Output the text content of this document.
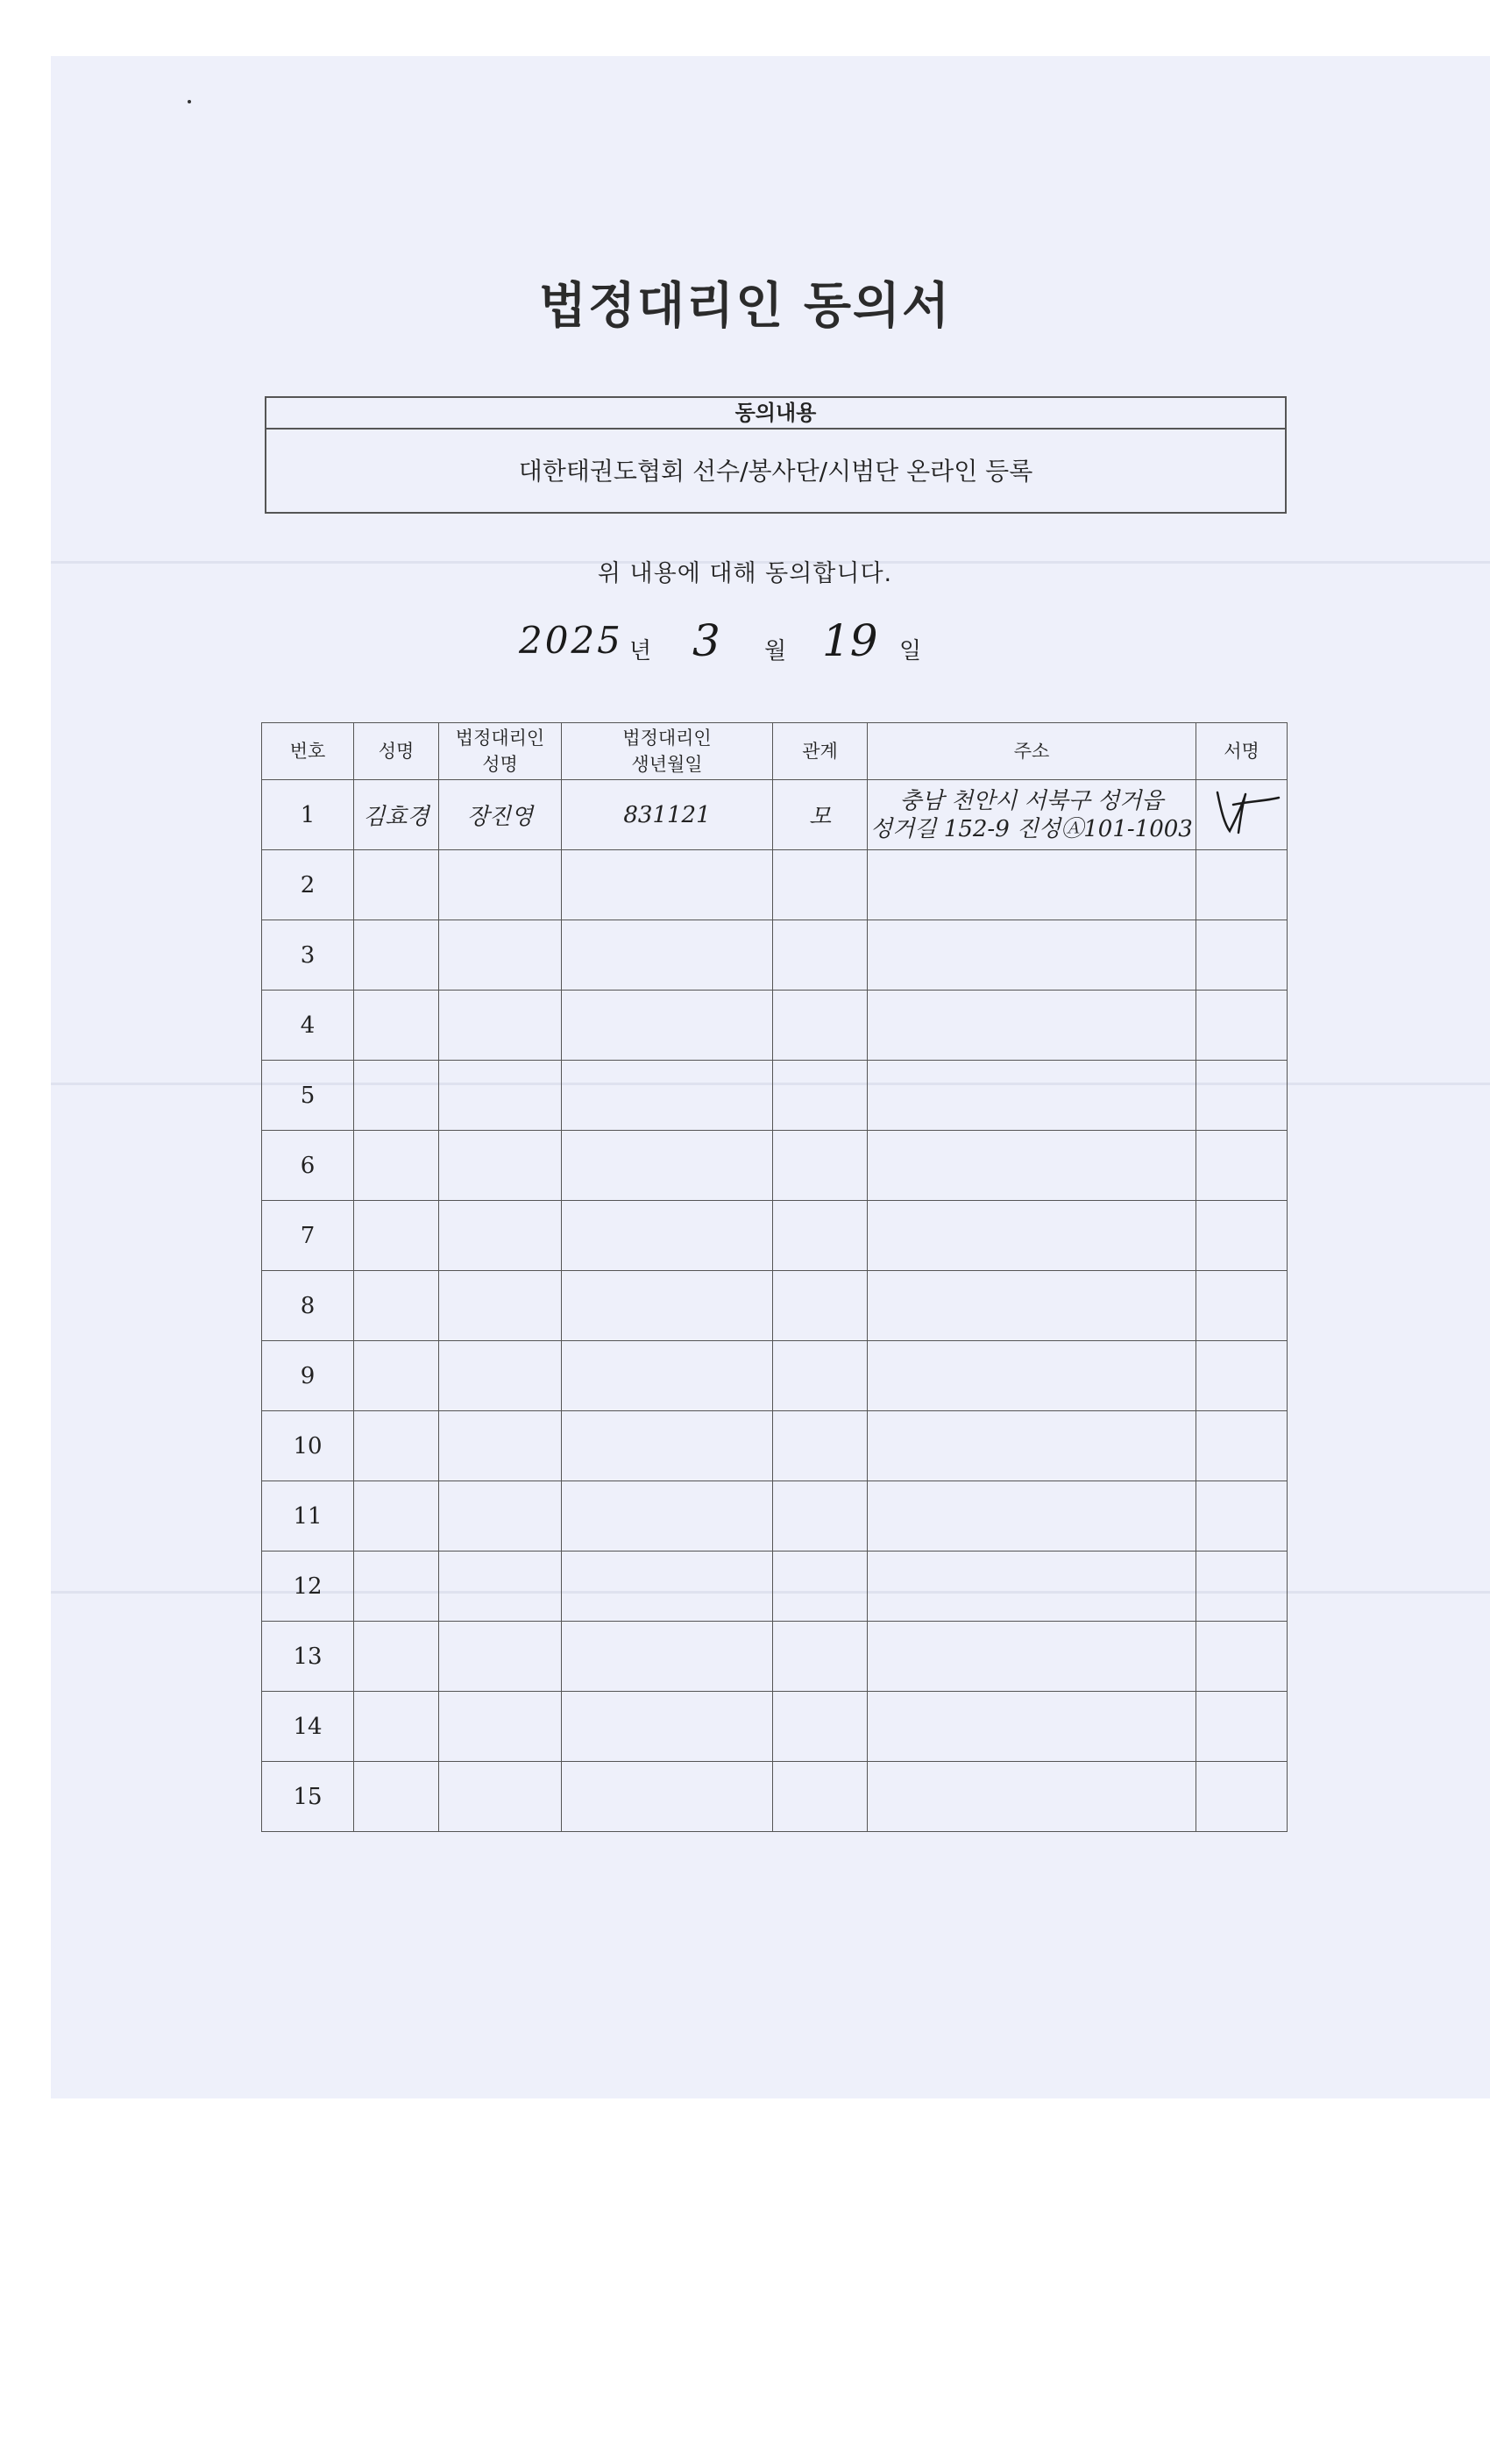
법정대리인 동의서
동의내용
대한태권도협회 선수/봉사단/시범단 온라인 등록
위 내용에 대해 동의합니다.
2025 년 3 월 19 일
번호	성명	법정대리인 성명	법정대리인 생년월일	관계	주소	서명
1	김효경	장진영	831121	모	충남 천안시 서북구 성거읍
성거길 152-9 진성Ⓐ101-1003

2						
3						
4						
5						
6						
7						
8						
9						
10						
11						
12						
13						
14						
15						
